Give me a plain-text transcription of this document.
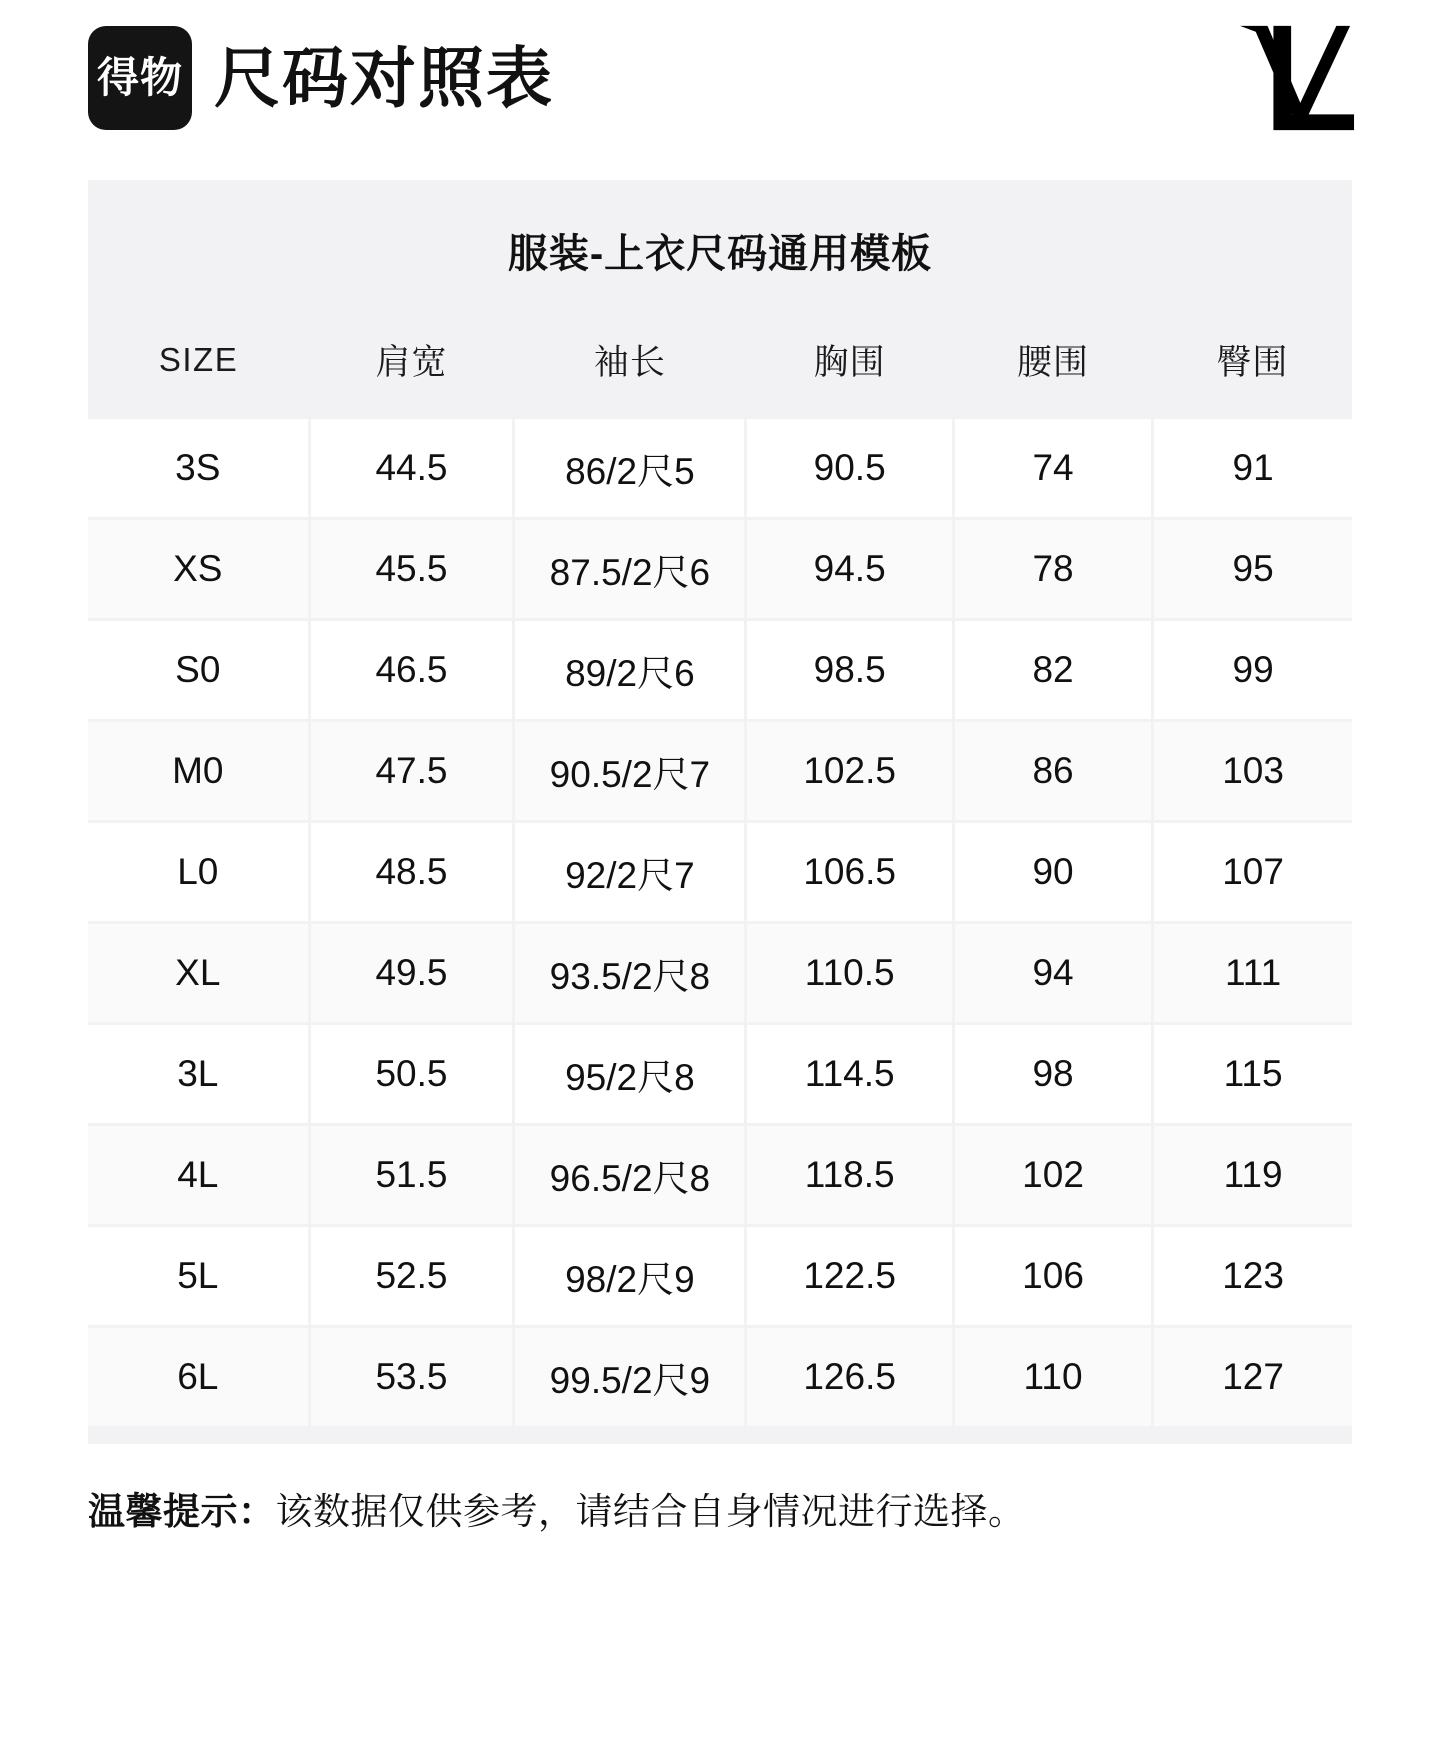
得物 尺码对照表
服装-上衣尺码通用模板
SIZE	肩宽	袖长	胸围	腰围	臀围
3S	44.5	86/2尺5	90.5	74	91
XS	45.5	87.5/2尺6	94.5	78	95
S0	46.5	89/2尺6	98.5	82	99
M0	47.5	90.5/2尺7	102.5	86	103
L0	48.5	92/2尺7	106.5	90	107
XL	49.5	93.5/2尺8	110.5	94	111
3L	50.5	95/2尺8	114.5	98	115
4L	51.5	96.5/2尺8	118.5	102	119
5L	52.5	98/2尺9	122.5	106	123
6L	53.5	99.5/2尺9	126.5	110	127
温馨提示：该数据仅供参考，请结合自身情况进行选择。
